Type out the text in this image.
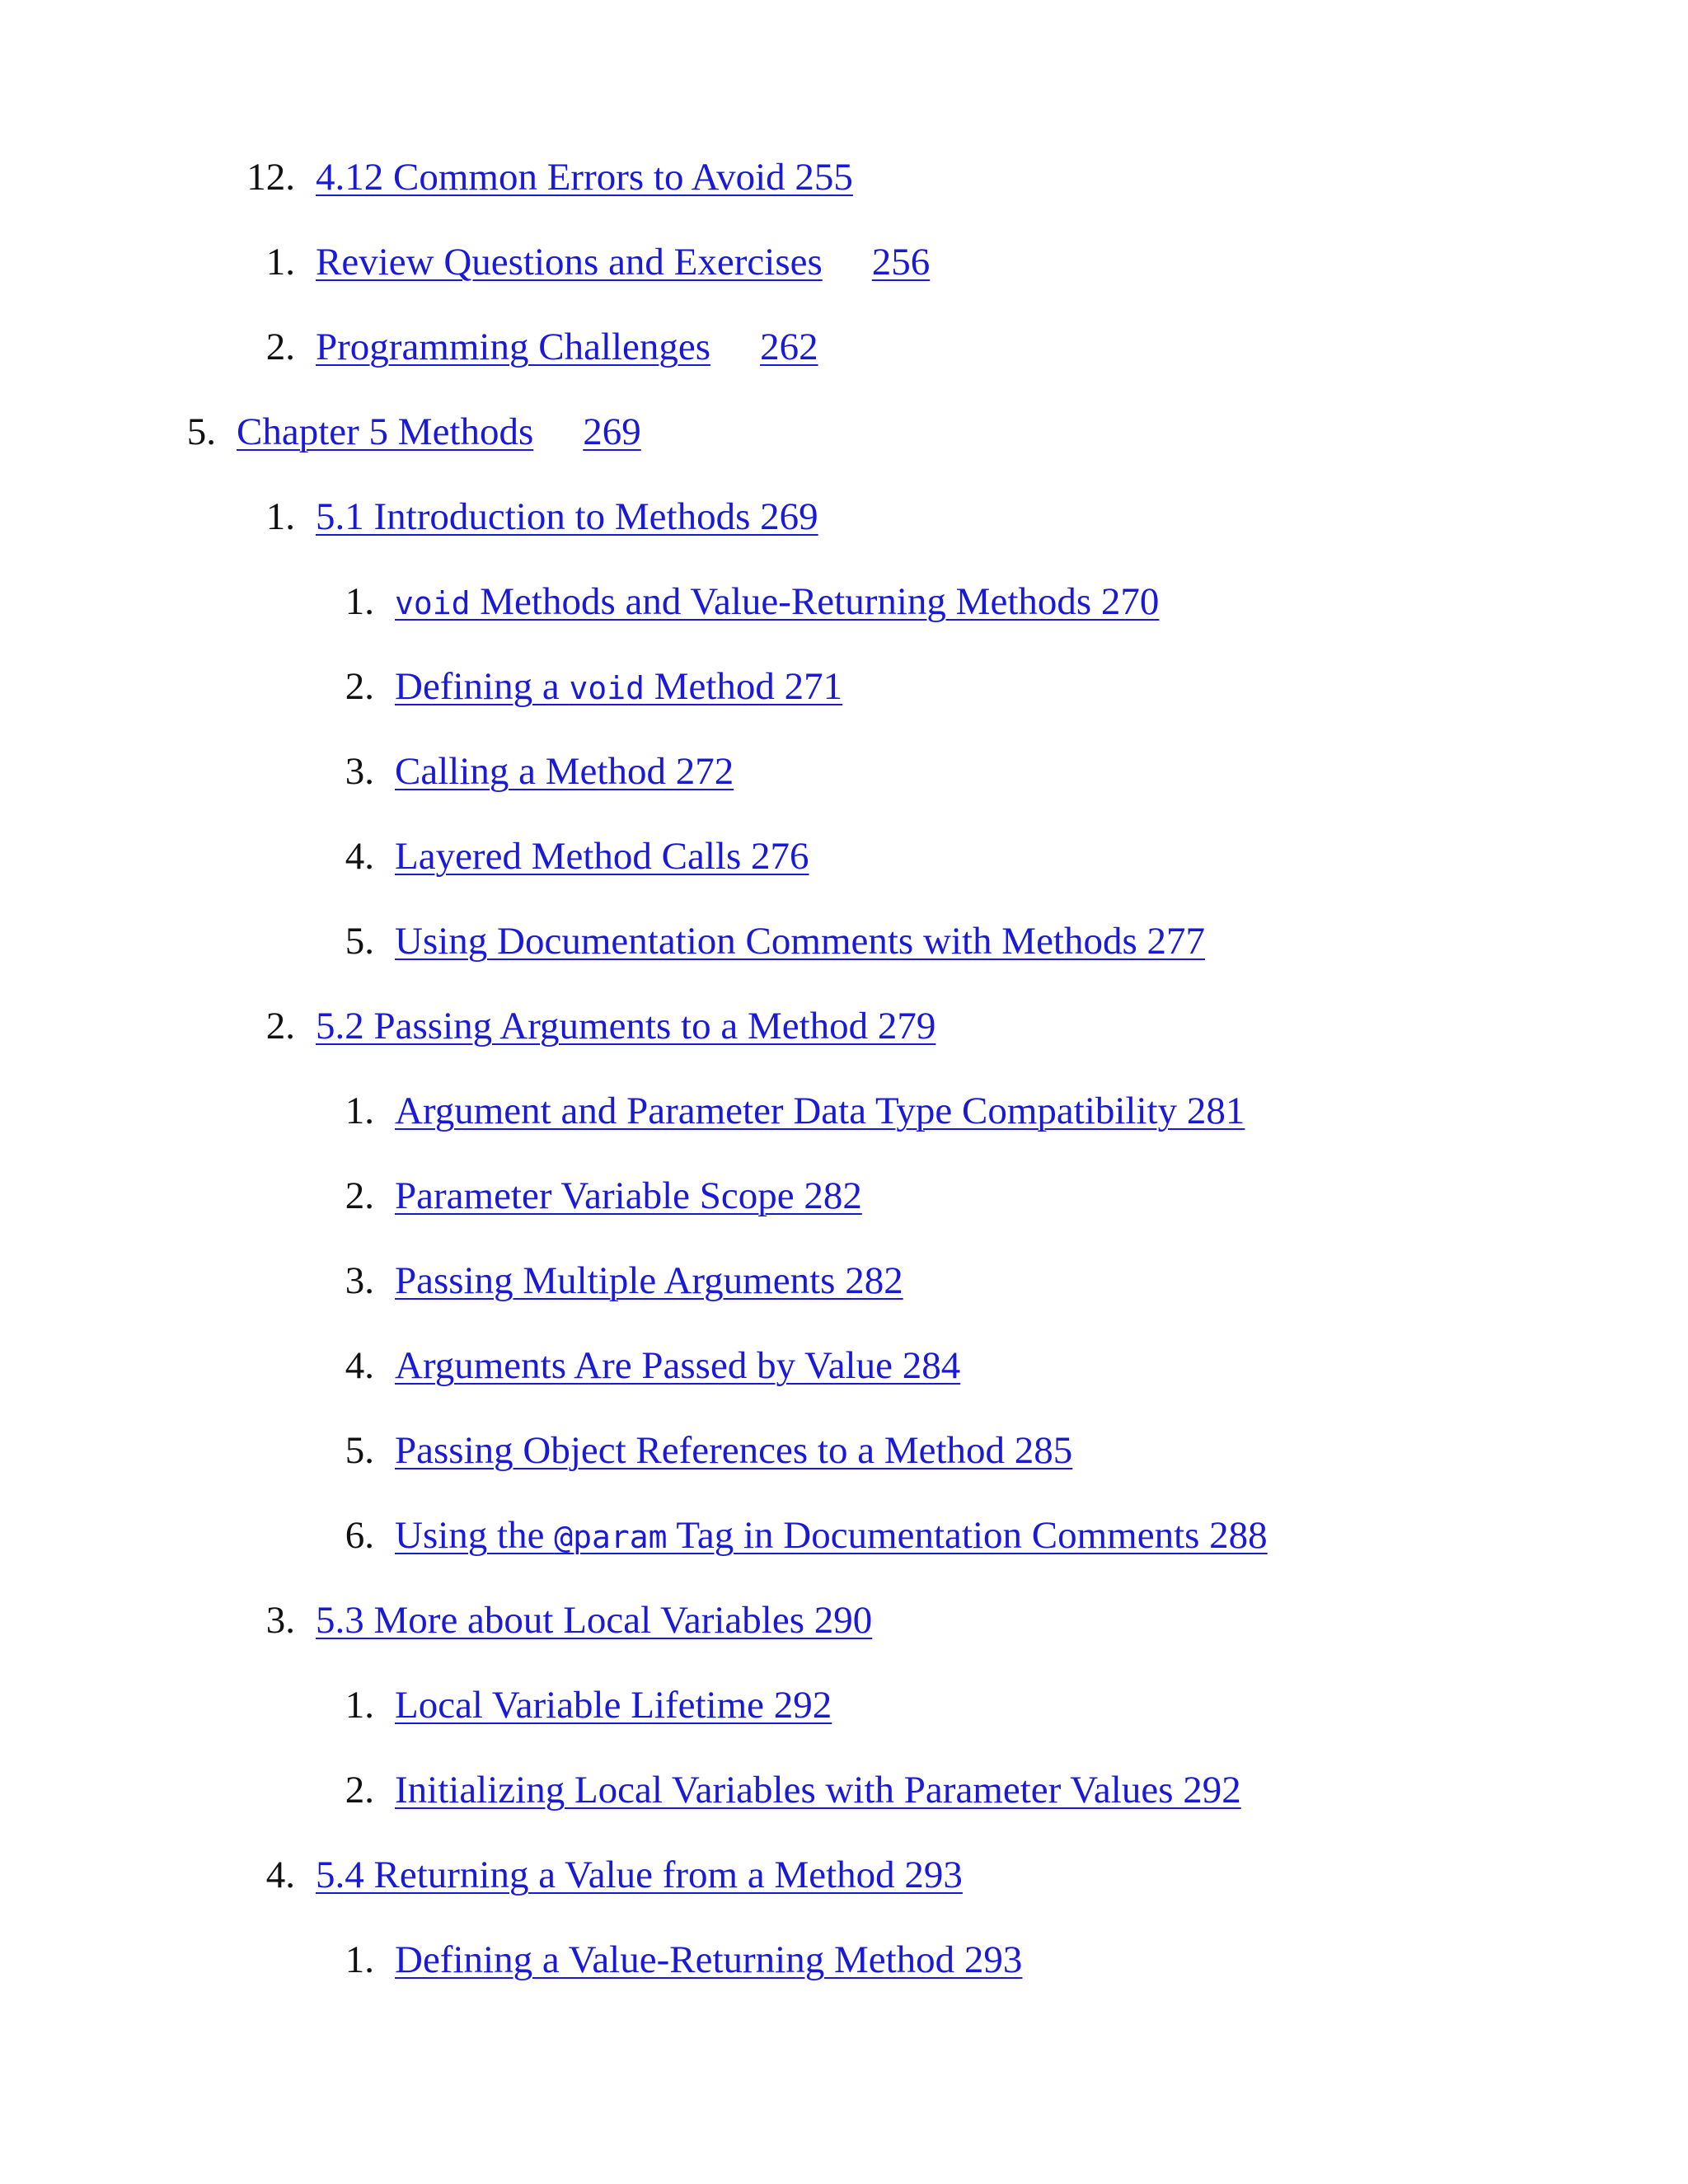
12. 4.12 Common Errors to Avoid 255
1. Review Questions and Exercises 256
2. Programming Challenges 262
5. Chapter 5 Methods 269
1. 5.1 Introduction to Methods 269
1. void Methods and Value-Returning Methods 270
2. Defining a void Method 271
3. Calling a Method 272
4. Layered Method Calls 276
5. Using Documentation Comments with Methods 277
2. 5.2 Passing Arguments to a Method 279
1. Argument and Parameter Data Type Compatibility 281
2. Parameter Variable Scope 282
3. Passing Multiple Arguments 282
4. Arguments Are Passed by Value 284
5. Passing Object References to a Method 285
6. Using the @param Tag in Documentation Comments 288
3. 5.3 More about Local Variables 290
1. Local Variable Lifetime 292
2. Initializing Local Variables with Parameter Values 292
4. 5.4 Returning a Value from a Method 293
1. Defining a Value-Returning Method 293
